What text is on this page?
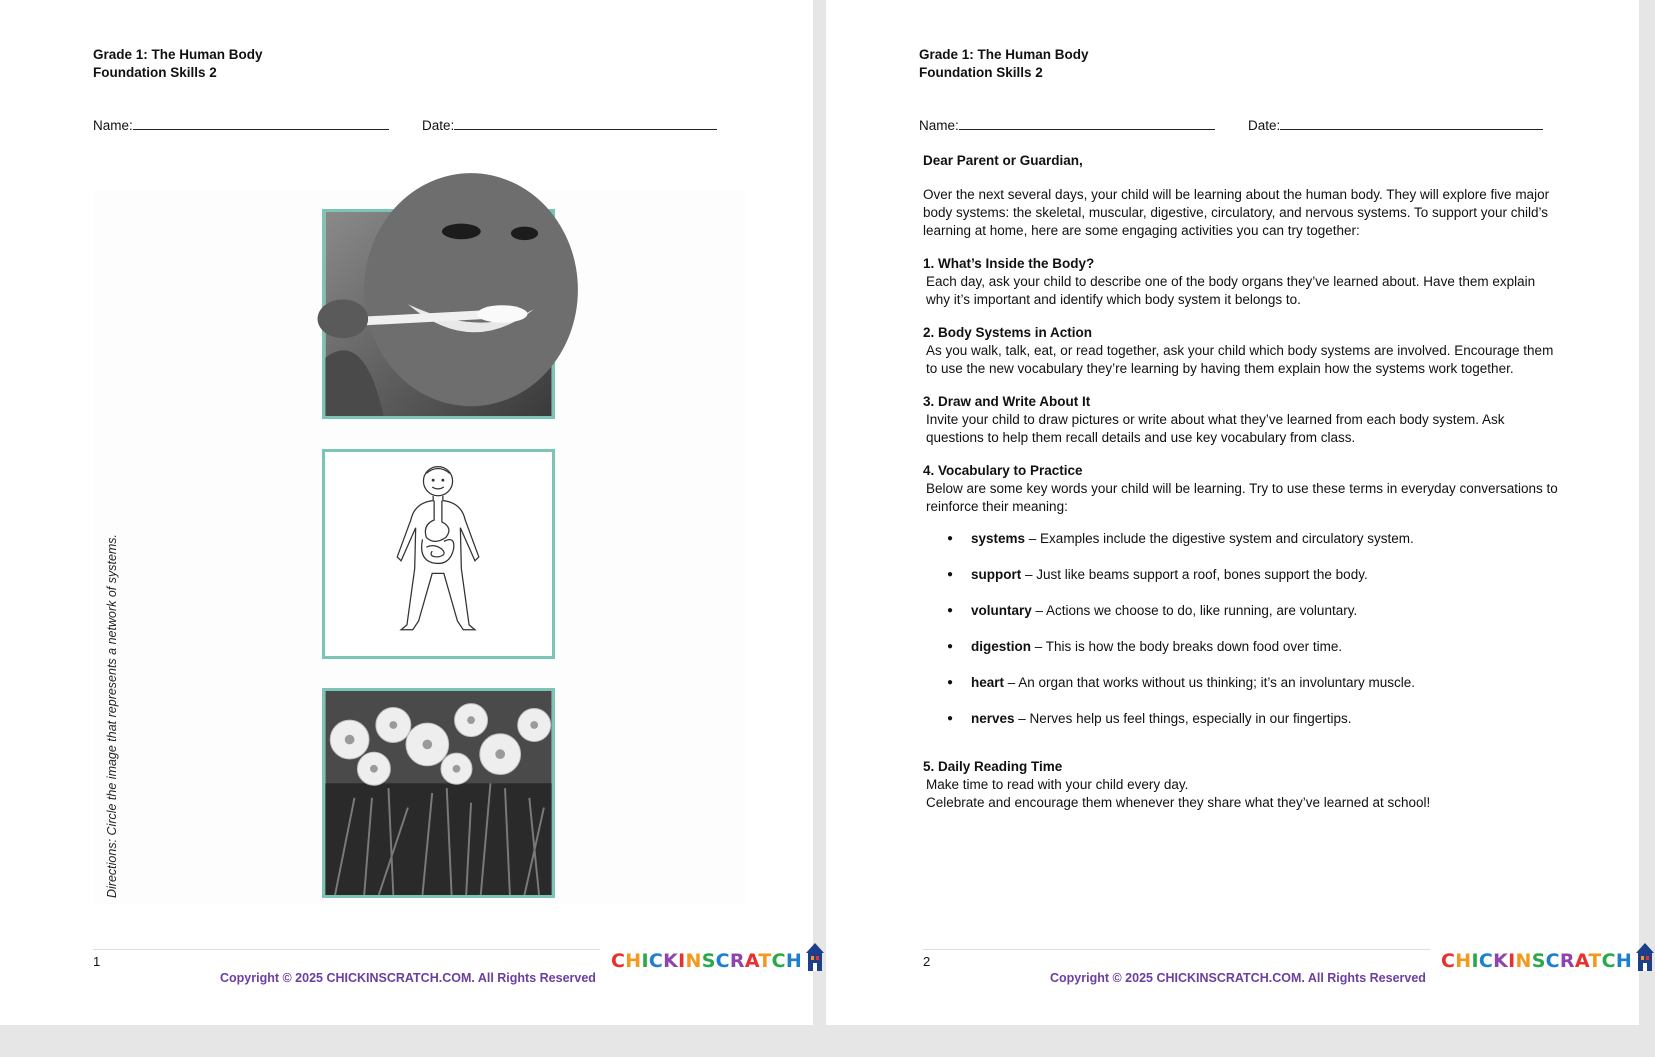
Grade 1: The Human Body
Foundation Skills 2
Name:	Date:
Directions: Circle the image that represents a network of systems.
1
Copyright © 2025 CHICKINSCRATCH.COM. All Rights Reserved
CHICKINSCRATCH
Grade 1: The Human Body
Foundation Skills 2
Name:	Date:

Dear Parent or Guardian,

Over the next several days, your child will be learning about the human body. They will explore five major body systems: the skeletal, muscular, digestive, circulatory, and nervous systems. To support your child’s learning at home, here are some engaging activities you can try together:

1. What’s Inside the Body?
Each day, ask your child to describe one of the body organs they’ve learned about. Have them explain why it’s important and identify which body system it belongs to.
2. Body Systems in Action
As you walk, talk, eat, or read together, ask your child which body systems are involved. Encourage them to use the new vocabulary they’re learning by having them explain how the systems work together.
3. Draw and Write About It
Invite your child to draw pictures or write about what they’ve learned from each body system. Ask questions to help them recall details and use key vocabulary from class.
4. Vocabulary to Practice
Below are some key words your child will be learning. Try to use these terms in everyday conversations to reinforce their meaning:
● systems – Examples include the digestive system and circulatory system.
● support – Just like beams support a roof, bones support the body.
● voluntary – Actions we choose to do, like running, are voluntary.
● digestion – This is how the body breaks down food over time.
● heart – An organ that works without us thinking; it’s an involuntary muscle.
● nerves – Nerves help us feel things, especially in our fingertips.
5. Daily Reading Time
Make time to read with your child every day.
Celebrate and encourage them whenever they share what they’ve learned at school!
2
Copyright © 2025 CHICKINSCRATCH.COM. All Rights Reserved
CHICKINSCRATCH
